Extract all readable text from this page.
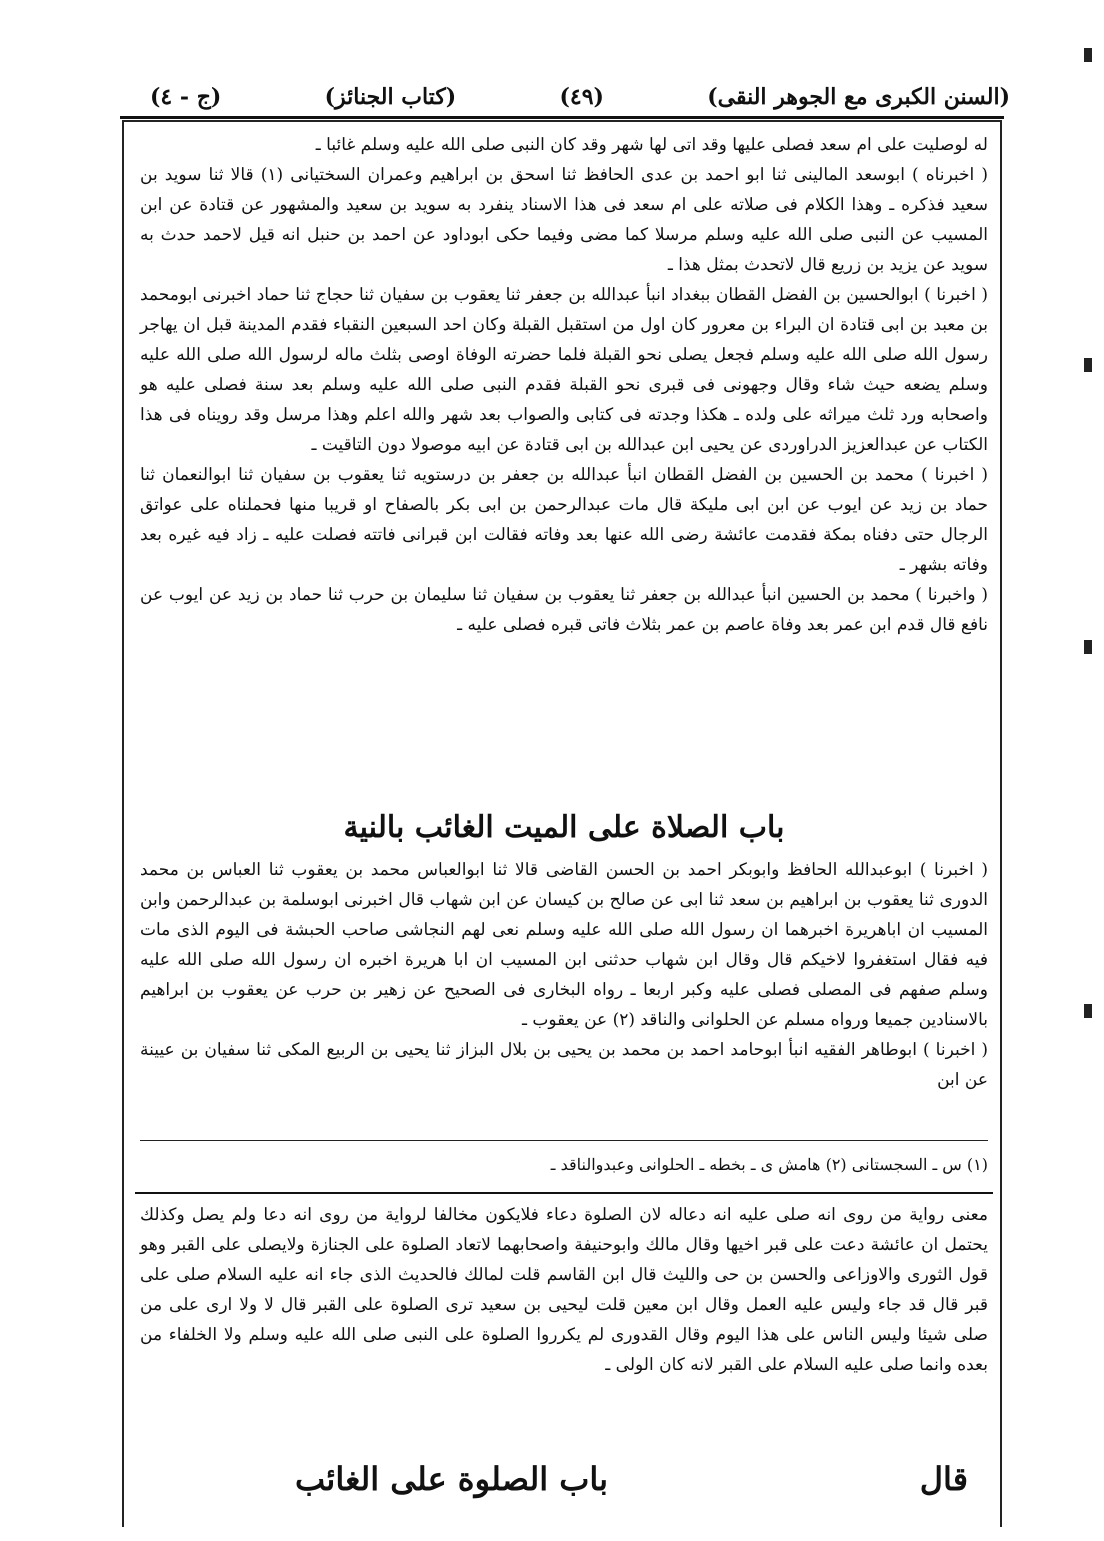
(السنن الكبرى مع الجوهر النقى)
(٤٩)
(كتاب الجنائز)
(ج - ٤)

له لوصليت على ام سعد فصلى عليها وقد اتى لها شهر وقد كان النبى صلى الله عليه وسلم غائبا ـ

( اخبرناه ) ابوسعد المالينى ثنا ابو احمد بن عدى الحافظ ثنا اسحق بن ابراهيم وعمران السختيانى (١) قالا ثنا سويد بن سعيد فذكره ـ وهذا الكلام فى صلاته على ام سعد فى هذا الاسناد ينفرد به سويد بن سعيد والمشهور عن قتادة عن ابن المسيب عن النبى صلى الله عليه وسلم مرسلا كما مضى وفيما حكى ابوداود عن احمد بن حنبل انه قيل لاحمد حدث به سويد عن يزيد بن زريع قال لاتحدث بمثل هذا ـ

( اخبرنا ) ابوالحسين بن الفضل القطان ببغداد انبأ عبدالله بن جعفر ثنا يعقوب بن سفيان ثنا حجاج ثنا حماد اخبرنى ابومحمد بن معبد بن ابى قتادة ان البراء بن معرور كان اول من استقبل القبلة وكان احد السبعين النقباء فقدم المدينة قبل ان يهاجر رسول الله صلى الله عليه وسلم فجعل يصلى نحو القبلة فلما حضرته الوفاة اوصى بثلث ماله لرسول الله صلى الله عليه وسلم يضعه حيث شاء وقال وجهونى فى قبرى نحو القبلة فقدم النبى صلى الله عليه وسلم بعد سنة فصلى عليه هو واصحابه ورد ثلث ميراثه على ولده ـ هكذا وجدته فى كتابى والصواب بعد شهر والله اعلم وهذا مرسل وقد رويناه فى هذا الكتاب عن عبدالعزيز الدراوردى عن يحيى ابن عبدالله بن ابى قتادة عن ابيه موصولا دون التاقيت ـ

( اخبرنا ) محمد بن الحسين بن الفضل القطان انبأ عبدالله بن جعفر بن درستويه ثنا يعقوب بن سفيان ثنا ابوالنعمان ثنا حماد بن زيد عن ايوب عن ابن ابى مليكة قال مات عبدالرحمن بن ابى بكر بالصفاح او قريبا منها فحملناه على عواتق الرجال حتى دفناه بمكة فقدمت عائشة رضى الله عنها بعد وفاته فقالت ابن قبرانى فاتته فصلت عليه ـ زاد فيه غيره بعد وفاته بشهر ـ

( واخبرنا ) محمد بن الحسين انبأ عبدالله بن جعفر ثنا يعقوب بن سفيان ثنا سليمان بن حرب ثنا حماد بن زيد عن ايوب عن نافع قال قدم ابن عمر بعد وفاة عاصم بن عمر بثلاث فاتى قبره فصلى عليه ـ

باب الصلاة على الميت الغائب بالنية

( اخبرنا ) ابوعبدالله الحافظ وابوبكر احمد بن الحسن القاضى قالا ثنا ابوالعباس محمد بن يعقوب ثنا العباس بن محمد الدورى ثنا يعقوب بن ابراهيم بن سعد ثنا ابى عن صالح بن كيسان عن ابن شهاب قال اخبرنى ابوسلمة بن عبدالرحمن وابن المسيب ان اباهريرة اخبرهما ان رسول الله صلى الله عليه وسلم نعى لهم النجاشى صاحب الحبشة فى اليوم الذى مات فيه فقال استغفروا لاخيكم قال وقال ابن شهاب حدثنى ابن المسيب ان ابا هريرة اخبره ان رسول الله صلى الله عليه وسلم صفهم فى المصلى فصلى عليه وكبر اربعا ـ رواه البخارى فى الصحيح عن زهير بن حرب عن يعقوب بن ابراهيم بالاسنادين جميعا ورواه مسلم عن الحلوانى والناقد (٢) عن يعقوب ـ

( اخبرنا ) ابوطاهر الفقيه انبأ ابوحامد احمد بن محمد بن يحيى بن بلال البزاز ثنا يحيى بن الربيع المكى ثنا سفيان بن عيينة عن ابن

(١) س ـ السجستانى (٢) هامش ى ـ بخطه ـ الحلوانى وعبدوالناقد ـ

معنى رواية من روى انه صلى عليه انه دعاله لان الصلوة دعاء فلايكون مخالفا لرواية من روى انه دعا ولم يصل وكذلك يحتمل ان عائشة دعت على قبر اخيها وقال مالك وابوحنيفة واصحابهما لاتعاد الصلوة على الجنازة ولايصلى على القبر وهو قول الثورى والاوزاعى والحسن بن حى والليث قال ابن القاسم قلت لمالك فالحديث الذى جاء انه عليه السلام صلى على قبر قال قد جاء وليس عليه العمل وقال ابن معين قلت ليحيى بن سعيد ترى الصلوة على القبر قال لا ولا ارى على من صلى شيئا وليس الناس على هذا اليوم وقال القدورى لم يكرروا الصلوة على النبى صلى الله عليه وسلم ولا الخلفاء من بعده وانما صلى عليه السلام على القبر لانه كان الولى ـ

قال
باب الصلوة على الغائب
